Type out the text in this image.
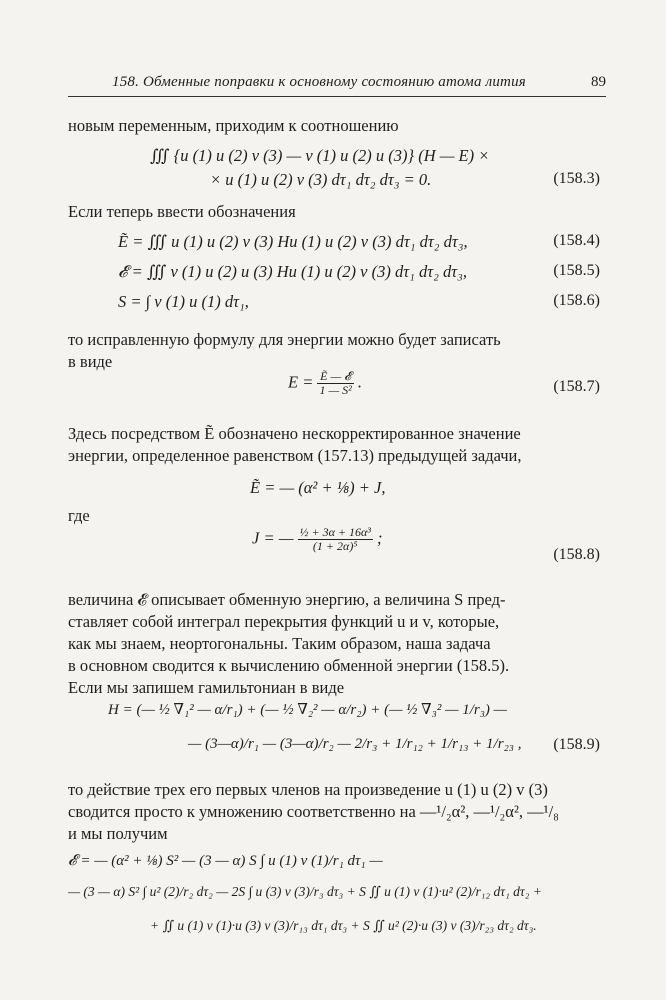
158. Обменные поправки к основному состоянию атома лития	89
новым переменным, приходим к соотношению
∭ {u (1) u (2) v (3) — v (1) u (2) u (3)} (H — E) ×
× u (1) u (2) v (3) dτ₁ dτ₂ dτ₃ = 0.	(158.3)
Если теперь ввести обозначения
Ẽ = ∭ u (1) u (2) v (3) Hu (1) u (2) v (3) dτ₁ dτ₂ dτ₃,	(158.4)
𝓔 = ∭ v (1) u (2) u (3) Hu (1) u (2) v (3) dτ₁ dτ₂ dτ₃,	(158.5)
S = ∫ v (1) u (1) dτ₁,	(158.6)
то исправленную формулу для энергии можно будет записать
в виде
$E = \frac{\text{Ẽ — 𝓔}}{\text{1 — S²}}$ .	(158.7)
Здесь посредством Ẽ обозначено нескорректированное значение
энергии, определенное равенством (157.13) предыдущей задачи,
Ẽ = — (α² + ⅛) + J,
где
J = — $\frac{\text{½ + 3α + 16α³}}{\text{(1 + 2α)⁵}}$ ;
(158.8)
величина 𝓔 описывает обменную энергию, а величина S пред-
ставляет собой интеграл перекрытия функций u и v, которые,
как мы знаем, неортогональны. Таким образом, наша задача
в основном сводится к вычислению обменной энергии (158.5).
Если мы запишем гамильтониан в виде
H = (— ½ ∇₁² — α/r₁) + (— ½ ∇₂² — α/r₂) + (— ½ ∇₃² — 1/r₃) —
— (3—α)/r₁ — (3—α)/r₂ — 2/r₃ + 1/r₁₂ + 1/r₁₃ + 1/r₂₃ , (158.9)
то действие трех его первых членов на произведение u (1) u (2) v (3)
сводится просто к умножению соответственно на —¹/₂α², —¹/₂α², —¹/₈
и мы получим
𝓔 = — (α² + ⅛) S² — (3 — α) S ∫ u (1) v (1)/r₁ dτ₁ —
— (3 — α) S² ∫ u² (2)/r₂ dτ₂ — 2S ∫ u (3) v (3)/r₃ dτ₃ + S ∬ u (1) v (1)·u² (2)/r₁₂ dτ₁ dτ₂ +
+ ∬ u (1) v (1)·u (3) v (3)/r₁₃ dτ₁ dτ₃ + S ∬ u² (2)·u (3) v (3)/r₂₃ dτ₂ dτ₃.
